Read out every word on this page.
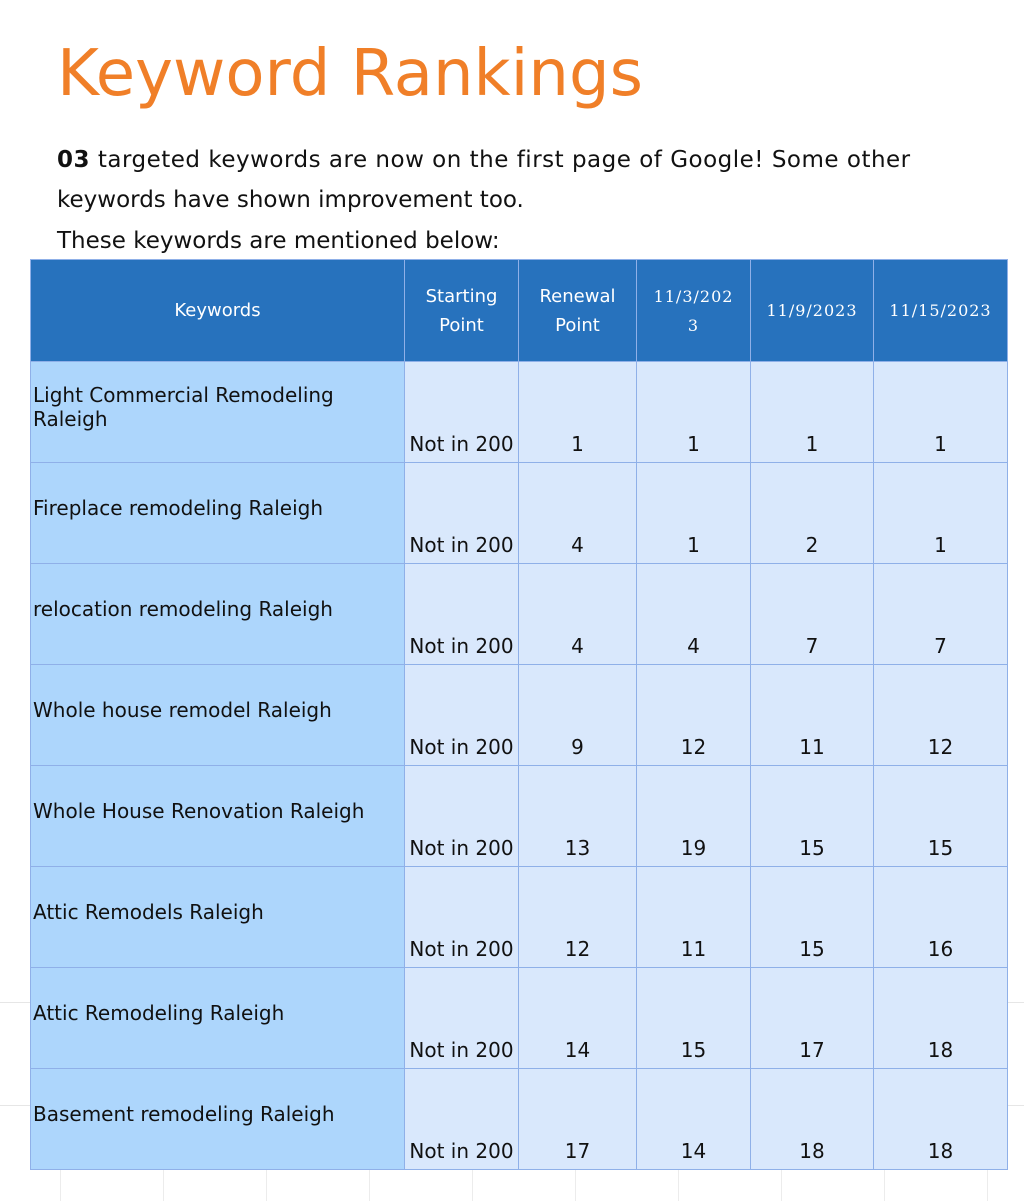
Keyword Rankings

03 targeted keywords are now on the first page of Google! Some other
keywords have shown improvement too.

These keywords are mentioned below:

Keywords	Starting Point	Renewal Point	11/3/2023	11/9/2023	11/15/2023
Light Commercial Remodeling Raleigh	Not in 200	1	1	1	1
Fireplace remodeling Raleigh	Not in 200	4	1	2	1
relocation remodeling Raleigh	Not in 200	4	4	7	7
Whole house remodel Raleigh	Not in 200	9	12	11	12
Whole House Renovation Raleigh	Not in 200	13	19	15	15
Attic Remodels Raleigh	Not in 200	12	11	15	16
Attic Remodeling Raleigh	Not in 200	14	15	17	18
Basement remodeling Raleigh	Not in 200	17	14	18	18
